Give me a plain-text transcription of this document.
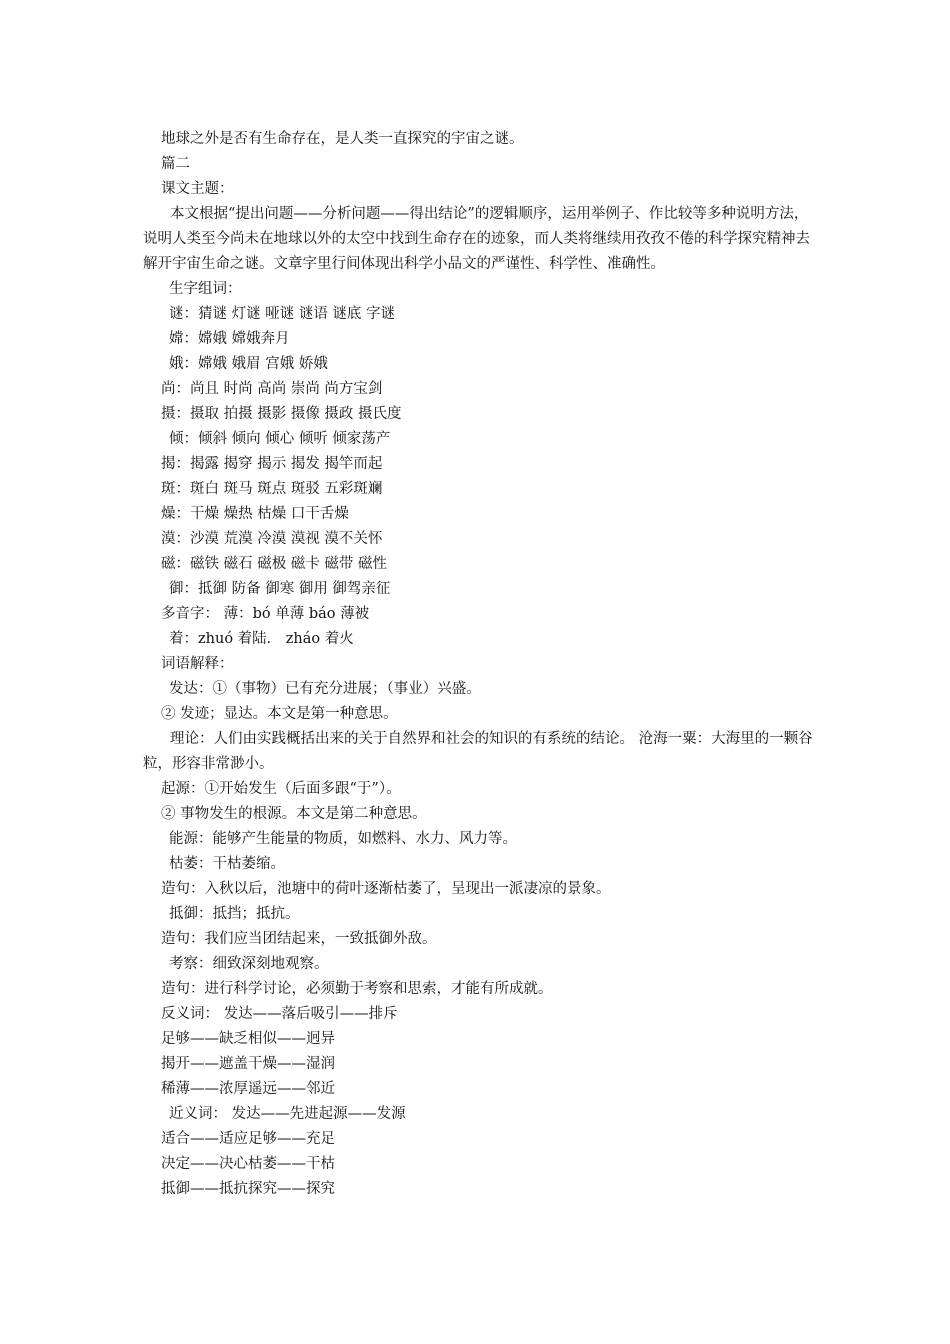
地球之外是否有生命存在，是人类一直探究的宇宙之谜。
篇二
课文主题：
本文根据“提出问题——分析问题——得出结论”的逻辑顺序，运用举例子、作比较等多种说明方法，说明人类至今尚未在地球以外的太空中找到生命存在的迹象，而人类将继续用孜孜不倦的科学探究精神去解开宇宙生命之谜。文章字里行间体现出科学小品文的严谨性、科学性、准确性。
生字组词：
谜：猜谜 灯谜 哑谜 谜语 谜底 字谜
嫦：嫦娥 嫦娥奔月
娥：嫦娥 娥眉 宫娥 娇娥
尚：尚且 时尚 高尚 崇尚 尚方宝剑
摄：摄取 拍摄 摄影 摄像 摄政 摄氏度
倾：倾斜 倾向 倾心 倾听 倾家荡产
揭：揭露 揭穿 揭示 揭发 揭竿而起
斑：斑白 斑马 斑点 斑驳 五彩斑斓
燥：干燥 燥热 枯燥 口干舌燥
漠：沙漠 荒漠 冷漠 漠视 漠不关怀
磁：磁铁 磁石 磁极 磁卡 磁带 磁性
御：抵御 防备 御寒 御用 御驾亲征
多音字： 薄：bó 单薄 báo 薄被
着：zhuó 着陆． zháo 着火
词语解释：
发达：①（事物）已有充分进展；（事业）兴盛。
② 发迹；显达。本文是第一种意思。
理论：人们由实践概括出来的关于自然界和社会的知识的有系统的结论。 沧海一粟：大海里的一颗谷粒，形容非常渺小。
起源：①开始发生（后面多跟“于”）。
② 事物发生的根源。本文是第二种意思。
能源：能够产生能量的物质，如燃料、水力、风力等。
枯萎：干枯萎缩。
造句：入秋以后，池塘中的荷叶逐渐枯萎了，呈现出一派凄凉的景象。
抵御：抵挡；抵抗。
造句：我们应当团结起来，一致抵御外敌。
考察：细致深刻地观察。
造句：进行科学讨论，必须勤于考察和思索，才能有所成就。
反义词： 发达——落后吸引——排斥
足够——缺乏相似——迥异
揭开——遮盖干燥——湿润
稀薄——浓厚遥远——邻近
近义词： 发达——先进起源——发源
适合——适应足够——充足
决定——决心枯萎——干枯
抵御——抵抗探究——探究
